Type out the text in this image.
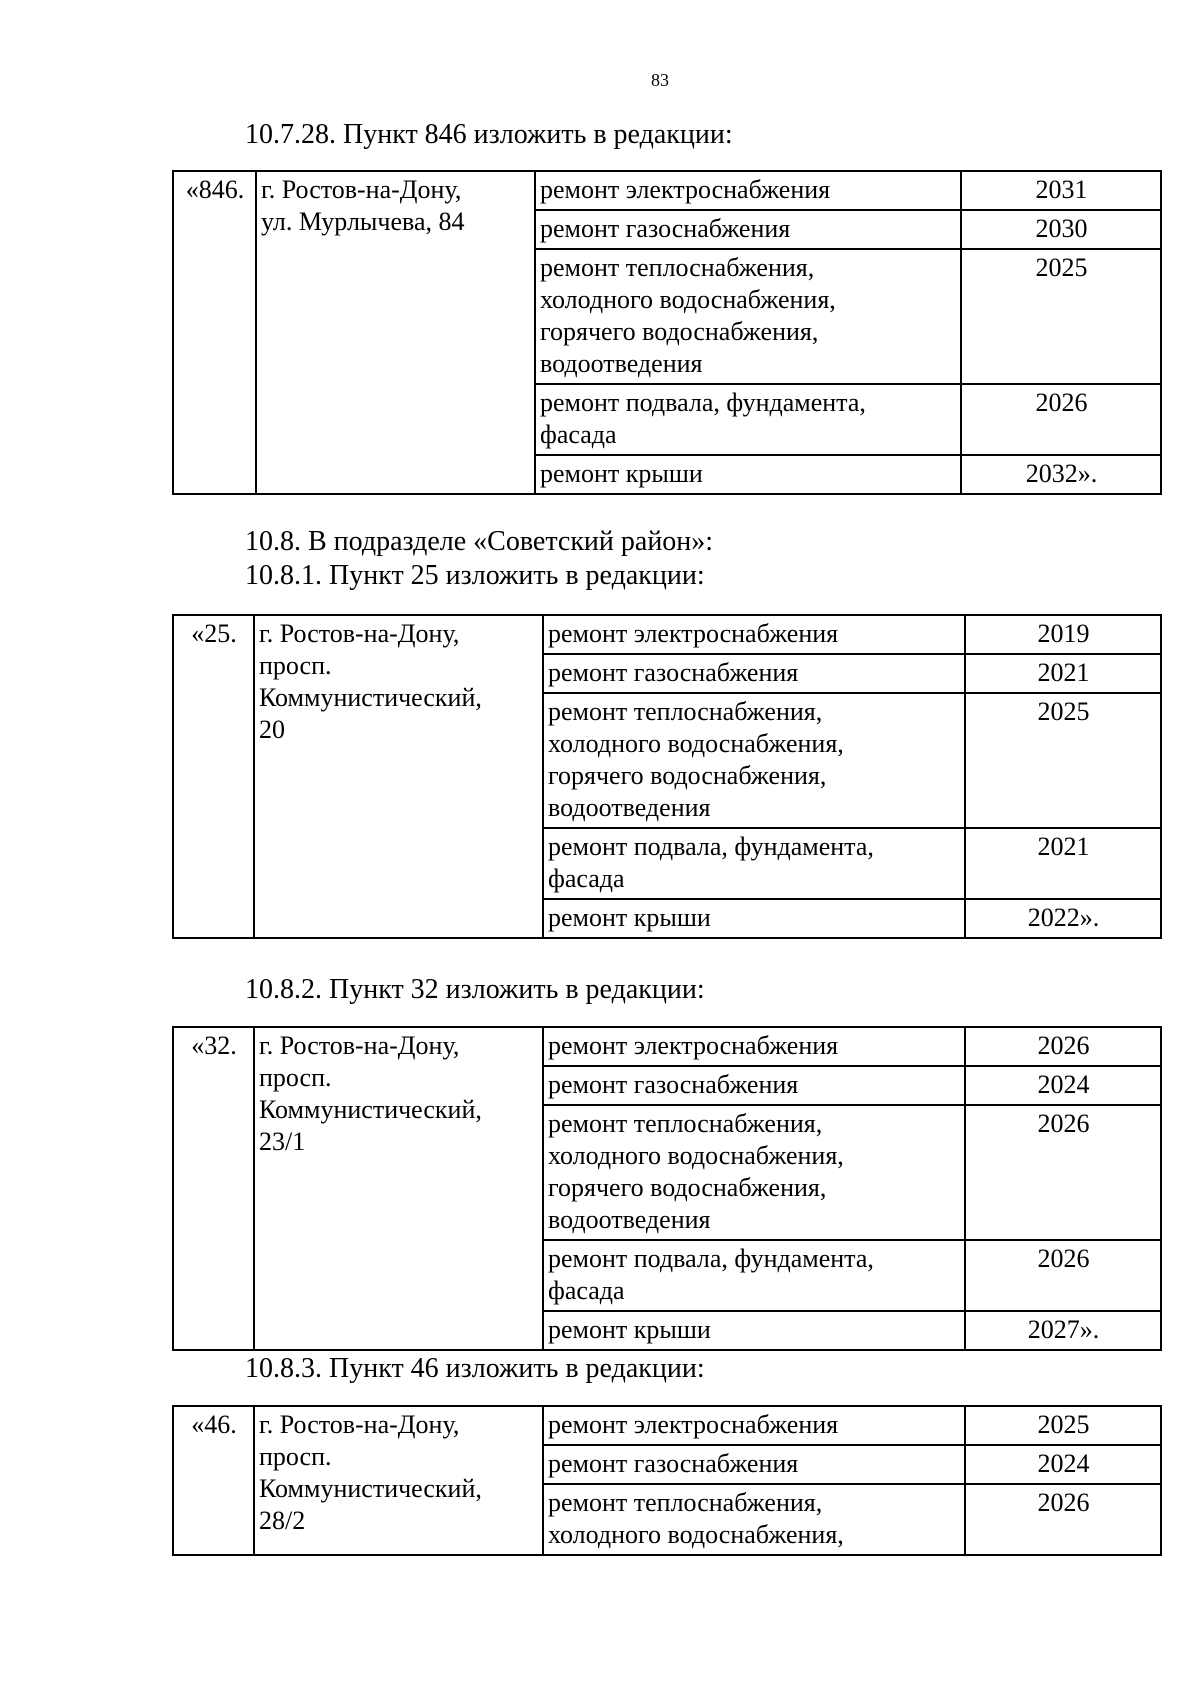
83
10.7.28. Пункт 846 изложить в редакции:
«846.	г. Ростов-на-Дону,
ул. Мурлычева, 84	ремонт электроснабжения	2031

		ремонт газоснабжения	2030

		ремонт теплоснабжения,
холодного водоснабжения,
горячего водоснабжения,
водоотведения	2025

		ремонт подвала, фундамента,
фасада	2026

		ремонт крыши	2032».
10.8. В подразделе «Советский район»:
10.8.1. Пункт 25 изложить в редакции:
«25.	г. Ростов-на-Дону,
просп.
Коммунистический,
20	ремонт электроснабжения	2019

		ремонт газоснабжения	2021

		ремонт теплоснабжения,
холодного водоснабжения,
горячего водоснабжения,
водоотведения	2025

		ремонт подвала, фундамента,
фасада	2021

		ремонт крыши	2022».
10.8.2. Пункт 32 изложить в редакции:
«32.	г. Ростов-на-Дону,
просп.
Коммунистический,
23/1	ремонт электроснабжения	2026

		ремонт газоснабжения	2024

		ремонт теплоснабжения,
холодного водоснабжения,
горячего водоснабжения,
водоотведения	2026

		ремонт подвала, фундамента,
фасада	2026

		ремонт крыши	2027».
10.8.3. Пункт 46 изложить в редакции:
«46.	г. Ростов-на-Дону,
просп.
Коммунистический,
28/2	ремонт электроснабжения	2025

		ремонт газоснабжения	2024

		ремонт теплоснабжения,
холодного водоснабжения,	2026
